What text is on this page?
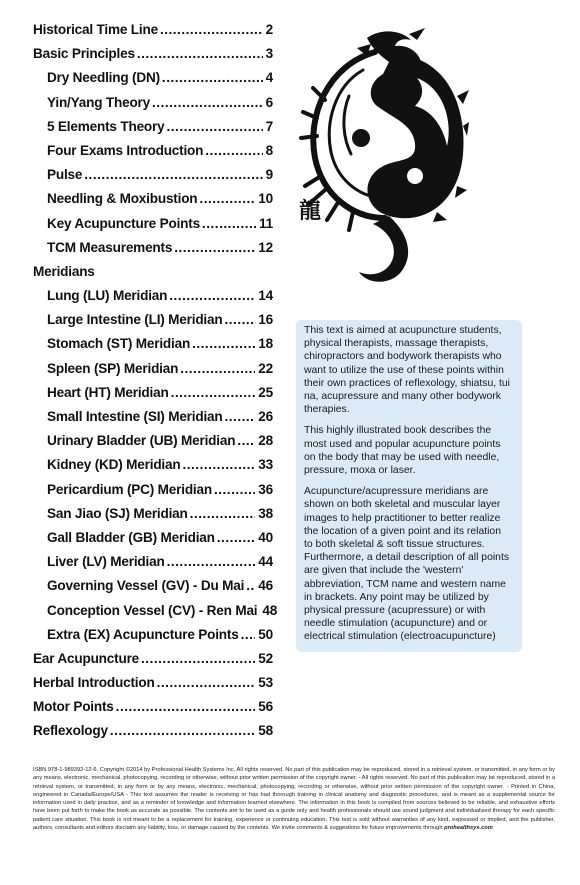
Historical Time Line .....	2
Basic Principles .....	3
Dry Needling (DN) .....	4
Yin/Yang Theory .....	6
5 Elements Theory .....	7
Four Exams Introduction .....	8
Pulse .....	9
Needling & Moxibustion .....	10
Key Acupuncture Points .....	11
TCM Measurements .....	12
Meridians
Lung (LU) Meridian .....	14
Large Intestine (LI) Meridian .....	16
Stomach (ST) Meridian .....	18
Spleen (SP) Meridian .....	22
Heart (HT) Meridian .....	25
Small Intestine (SI) Meridian .....	26
Urinary Bladder (UB) Meridian ..... 28
Kidney (KD) Meridian .....	33
Pericardium (PC) Meridian .....	36
San Jiao (SJ) Meridian .....	38
Gall Bladder (GB) Meridian .....	40
Liver (LV) Meridian .....	44
Governing Vessel (GV) - Du Mai ..... 46
Conception Vessel (CV) - Ren Mai 48
Extra (EX) Acupuncture Points ..... 50
Ear Acupuncture .....	52
Herbal Introduction .....	53
Motor Points .....	56
Reflexology .....	58
龍

This text is aimed at acupuncture students, physical therapists, massage therapists, chiropractors and bodywork therapists who want to utilize the use of these points within their own practices of reflexology, shiatsu, tui na, acupressure and many other bodywork therapies.

This highly illustrated book describes the most used and popular acupuncture points on the body that may be used with needle, pressure, moxa or laser.

Acupuncture/acupressure meridians are shown on both skeletal and muscular layer images to help practitioner to better realize the location of a given point and its relation to both skeletal & soft tissue structures. Furthermore, a detail description of all points are given that include the 'western' abbreviation, TCM name and western name in brackets. Any point may be utilized by physical pressure (acupressure) or with needle stimulation (acupuncture) and or electrical stimulation (electroacupuncture)

ISBN 978-1-989392-12-6. Copyright ©2014 by Professional Health Systems Inc. All rights reserved. No part of this publication may be reproduced, stored in a retrieval system, or transmitted, in any form or by any means, electronic, mechanical, photocopying, recording or otherwise, without prior written permission of the copyright owner. - All rights reserved. No part of this publication may be reproduced, stored in a retrieval system, or transmitted, in any form or by any means, electronic, mechanical, photocopying, recording or otherwise, without prior written permission of the copyright owner. - Printed in China, engineered in Canada/Europe/USA - This text assumes the reader is receiving or has had thorough training in clinical anatomy and diagnostic procedures, and is meant as a supplemental source for information used in daily practice, and as a reminder of knowledge and information learned elsewhere. The information in this book is compiled from sources believed to be reliable, and exhaustive efforts have been put forth to make the book as accurate as possible. The contents are to be used as a guide only and health professionals should use sound judgment and individualized therapy for each specific patient care situation. This book is not meant to be a replacement for training, experience or continuing education. This text is sold without warranties of any kind, expressed or implied, and the publisher, authors, consultants and editors disclaim any liability, loss, or damage caused by the contents. We invite comments & suggestions for future improvements through prohealthsys.com
